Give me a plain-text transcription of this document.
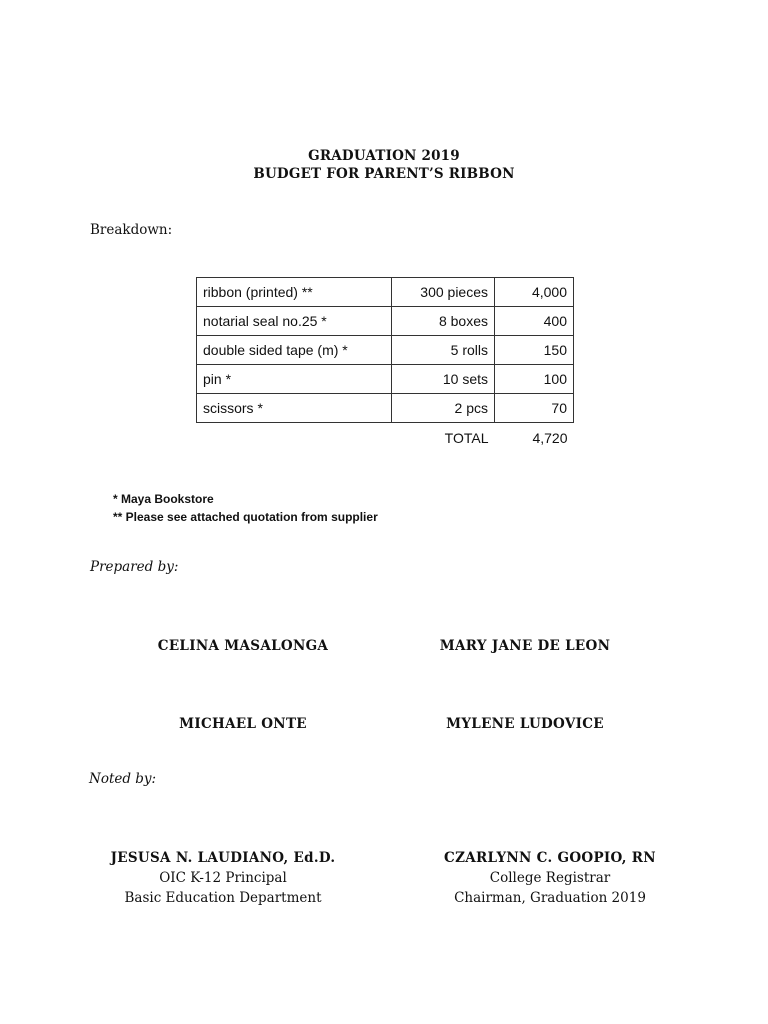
GRADUATION 2019
BUDGET FOR PARENT’S RIBBON
Breakdown:
ribbon (printed) **	300 pieces	4,000
notarial seal no.25 *	8 boxes	400
double sided tape (m) *	5 rolls	150
pin *	10 sets	100
scissors *	2 pcs	70
	TOTAL	4,720
* Maya Bookstore
** Please see attached quotation from supplier
Prepared by:
CELINA MASALONGA	MARY JANE DE LEON
MICHAEL ONTE	MYLENE LUDOVICE
Noted by:
JESUSA N. LAUDIANO, Ed.D.
OIC K-12 Principal
Basic Education Department
CZARLYNN C. GOOPIO, RN
College Registrar
Chairman, Graduation 2019
